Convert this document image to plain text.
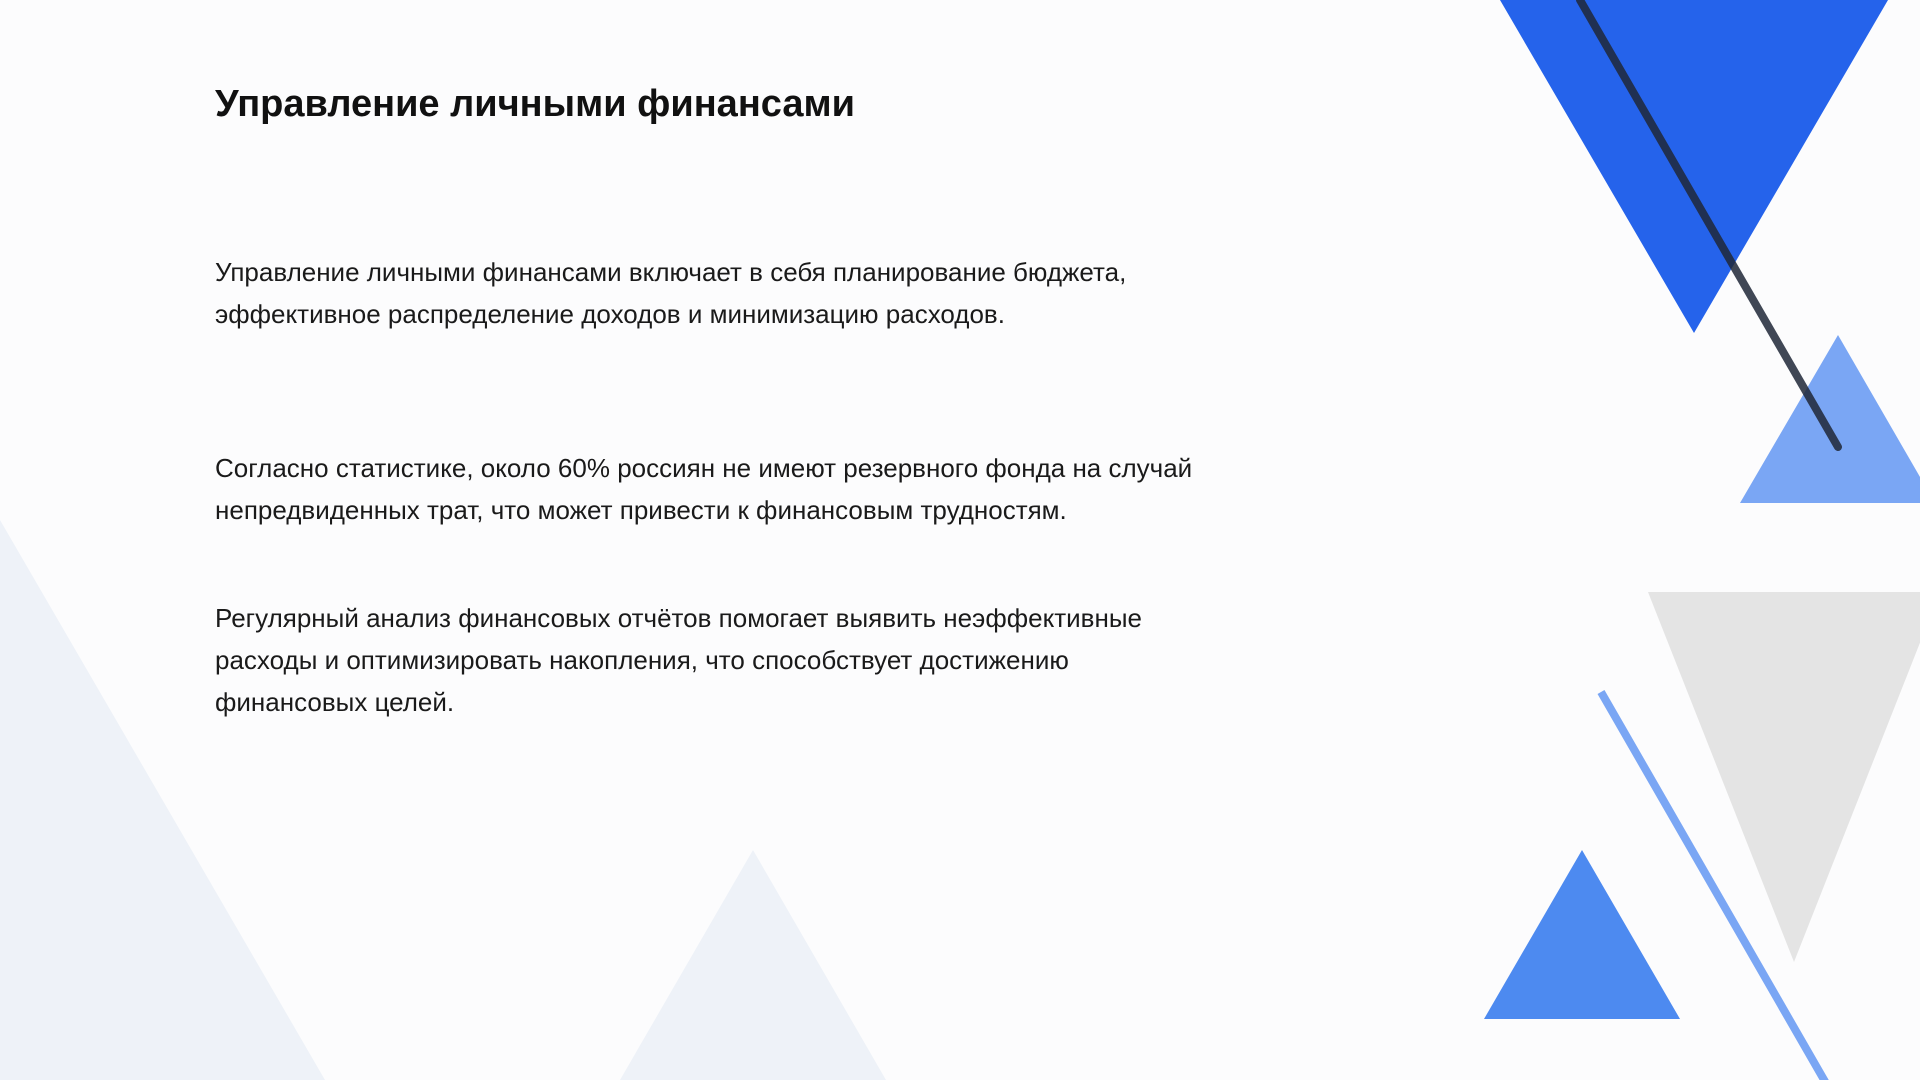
Управление личными финансами

Управление личными финансами включает в себя планирование бюджета,
эффективное распределение доходов и минимизацию расходов.

Согласно статистике, около 60% россиян не имеют резервного фонда на случай
непредвиденных трат, что может привести к финансовым трудностям.

Регулярный анализ финансовых отчётов помогает выявить неэффективные
расходы и оптимизировать накопления, что способствует достижению
финансовых целей.
